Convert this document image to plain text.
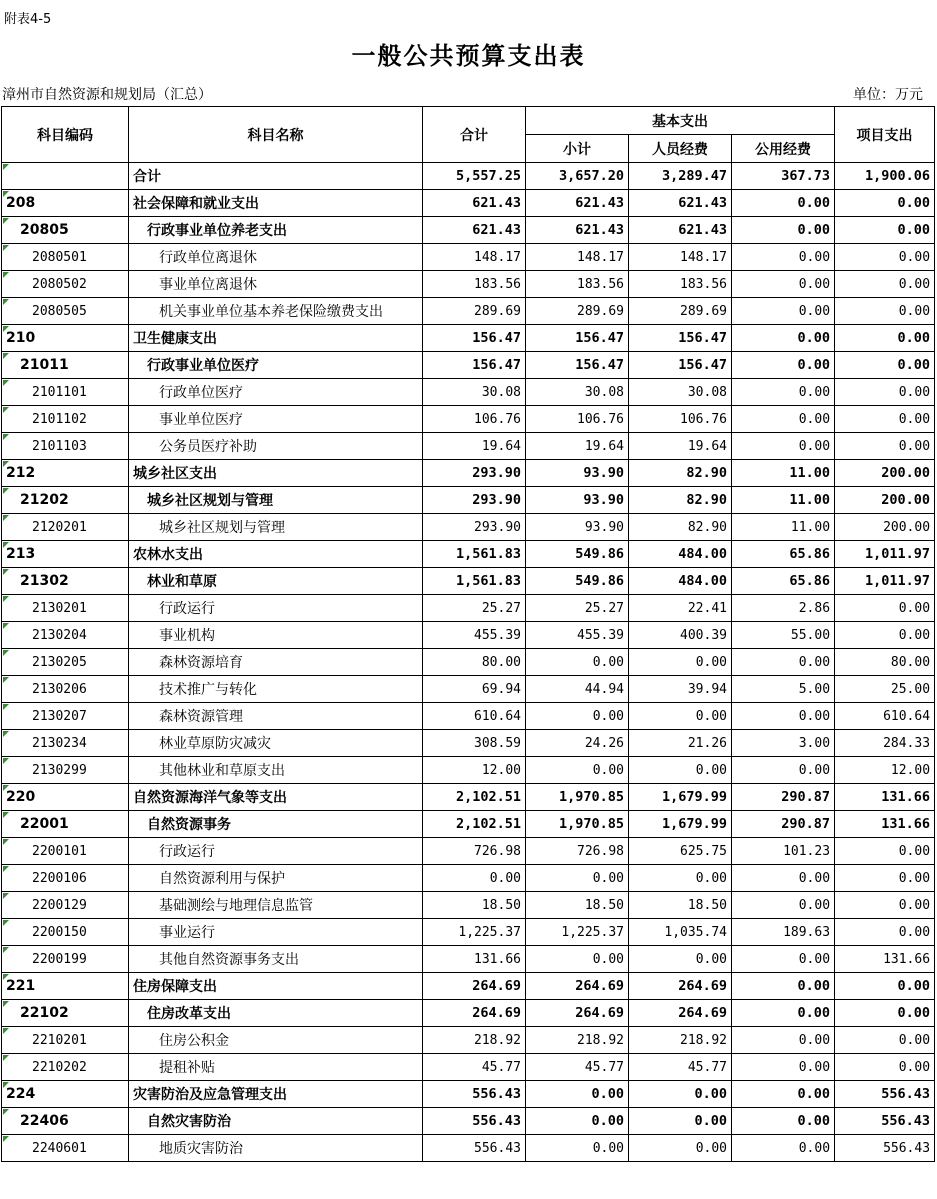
附表4-5
一般公共预算支出表
漳州市自然资源和规划局（汇总）	单位：万元
科目编码	科目名称	合计	基本支出			项目支出
			小计	人员经费	公用经费	
	合计	5,557.25	3,657.20	3,289.47	367.73	1,900.06
208	社会保障和就业支出	621.43	621.43	621.43	0.00	0.00
20805	行政事业单位养老支出	621.43	621.43	621.43	0.00	0.00
2080501	行政单位离退休	148.17	148.17	148.17	0.00	0.00
2080502	事业单位离退休	183.56	183.56	183.56	0.00	0.00
2080505	机关事业单位基本养老保险缴费支出	289.69	289.69	289.69	0.00	0.00
210	卫生健康支出	156.47	156.47	156.47	0.00	0.00
21011	行政事业单位医疗	156.47	156.47	156.47	0.00	0.00
2101101	行政单位医疗	30.08	30.08	30.08	0.00	0.00
2101102	事业单位医疗	106.76	106.76	106.76	0.00	0.00
2101103	公务员医疗补助	19.64	19.64	19.64	0.00	0.00
212	城乡社区支出	293.90	93.90	82.90	11.00	200.00
21202	城乡社区规划与管理	293.90	93.90	82.90	11.00	200.00
2120201	城乡社区规划与管理	293.90	93.90	82.90	11.00	200.00
213	农林水支出	1,561.83	549.86	484.00	65.86	1,011.97
21302	林业和草原	1,561.83	549.86	484.00	65.86	1,011.97
2130201	行政运行	25.27	25.27	22.41	2.86	0.00
2130204	事业机构	455.39	455.39	400.39	55.00	0.00
2130205	森林资源培育	80.00	0.00	0.00	0.00	80.00
2130206	技术推广与转化	69.94	44.94	39.94	5.00	25.00
2130207	森林资源管理	610.64	0.00	0.00	0.00	610.64
2130234	林业草原防灾减灾	308.59	24.26	21.26	3.00	284.33
2130299	其他林业和草原支出	12.00	0.00	0.00	0.00	12.00
220	自然资源海洋气象等支出	2,102.51	1,970.85	1,679.99	290.87	131.66
22001	自然资源事务	2,102.51	1,970.85	1,679.99	290.87	131.66
2200101	行政运行	726.98	726.98	625.75	101.23	0.00
2200106	自然资源利用与保护	0.00	0.00	0.00	0.00	0.00
2200129	基础测绘与地理信息监管	18.50	18.50	18.50	0.00	0.00
2200150	事业运行	1,225.37	1,225.37	1,035.74	189.63	0.00
2200199	其他自然资源事务支出	131.66	0.00	0.00	0.00	131.66
221	住房保障支出	264.69	264.69	264.69	0.00	0.00
22102	住房改革支出	264.69	264.69	264.69	0.00	0.00
2210201	住房公积金	218.92	218.92	218.92	0.00	0.00
2210202	提租补贴	45.77	45.77	45.77	0.00	0.00
224	灾害防治及应急管理支出	556.43	0.00	0.00	0.00	556.43
22406	自然灾害防治	556.43	0.00	0.00	0.00	556.43
2240601	地质灾害防治	556.43	0.00	0.00	0.00	556.43
